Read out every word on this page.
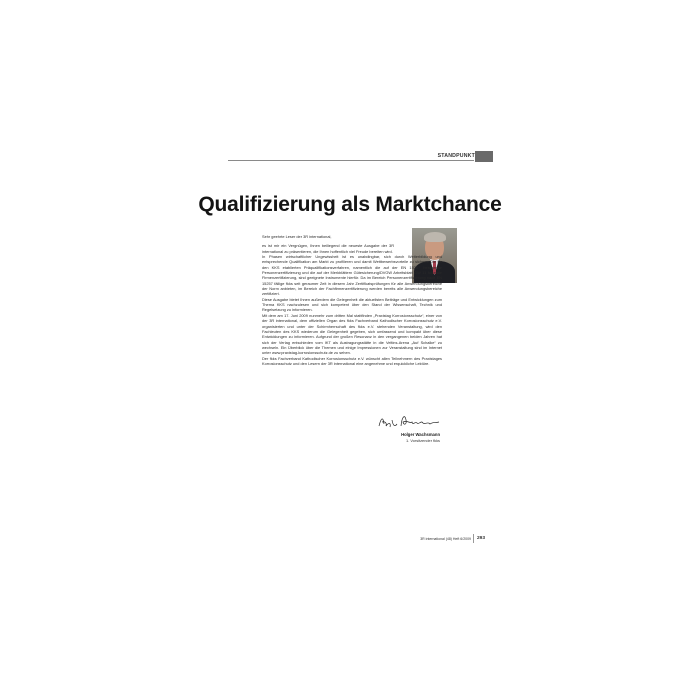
STANDPUNKT
Qualifizierung als Marktchance

Sehr geehrte Leser der 3R international,

es ist mir ein Vergnügen, Ihnen beiliegend die neueste Ausgabe der 3R international zu präsentieren, die Ihnen hoffentlich viel Freude bereiten wird.

In Phasen wirtschaftlicher Ungewissheit ist es unabdingbar, sich durch Weiterbildung und entsprechende Qualifikation am Markt zu profilieren und damit Wettbewerbsvorteile zu sichern. Die für den KKS etablierten Präqualifikationsverfahren, namentlich die auf der EN 15257 beruhende Personenzertifizierung und die auf der Merkblättern Gütesicherung/DVGW Arbeitsblatt GW 11 fußende Firmenzertifizierung, sind geeignete Instrumente hierfür. Da im Bereich Personenzertifizierung nach EN 15257 fällige fkks seit geraumer Zeit in diesem Jahr Zertifikatsprüfungen für alle Anwendungsbereiche der Norm anbieten, im Bereich der Fachfirmenzertifizierung werden bereits alle Anwendungsbereiche zertifiziert.

Diese Ausgabe bietet Ihnen außerdem die Gelegenheit die aktuellsten Beiträge und Entwicklungen zum Thema KKS nachzulesen und sich kompetent über den Stand der Wissenschaft, Technik und Regelsetzung zu informieren.

Mit dem am 17. Juni 2009 nunmehr zum dritten Mal stattfinden „Praxistag Korrosionsschutz“, einer von der 3R international, dem offiziellen Organ des fkks Fachverband Kathodischer Korrosionsschutz e.V. organisierten und unter der Schirmherrschaft des fkks e.V. stehenden Veranstaltung, wird den Fachleuten des KKS wiederum die Gelegenheit gegeben, sich umfassend und kompakt über diese Entwicklungen zu informieren. Aufgrund der großen Resonanz in den vergangenen beiden Jahren hat sich der Verlag entschieden vom IKT als Austragungsstätte in die Veltins-Arena „Auf Schalke“ zu wechseln. Ein Überblick über die Themen und einige Impressionen zur Veranstaltung sind im Internet unter www.praxistag-korrosionsschutz.de zu sehen.

Der fkks Fachverband Kathodischer Korrosionsschutz e.V. wünscht allen Teilnehmern des Praxistages Korrosionsschutz und den Lesern der 3R international eine angenehme und erquickliche Lektüre.

Holger Wachsmann
1. Vorsitzender fkks
3R international (48) Heft 6/2009	293
